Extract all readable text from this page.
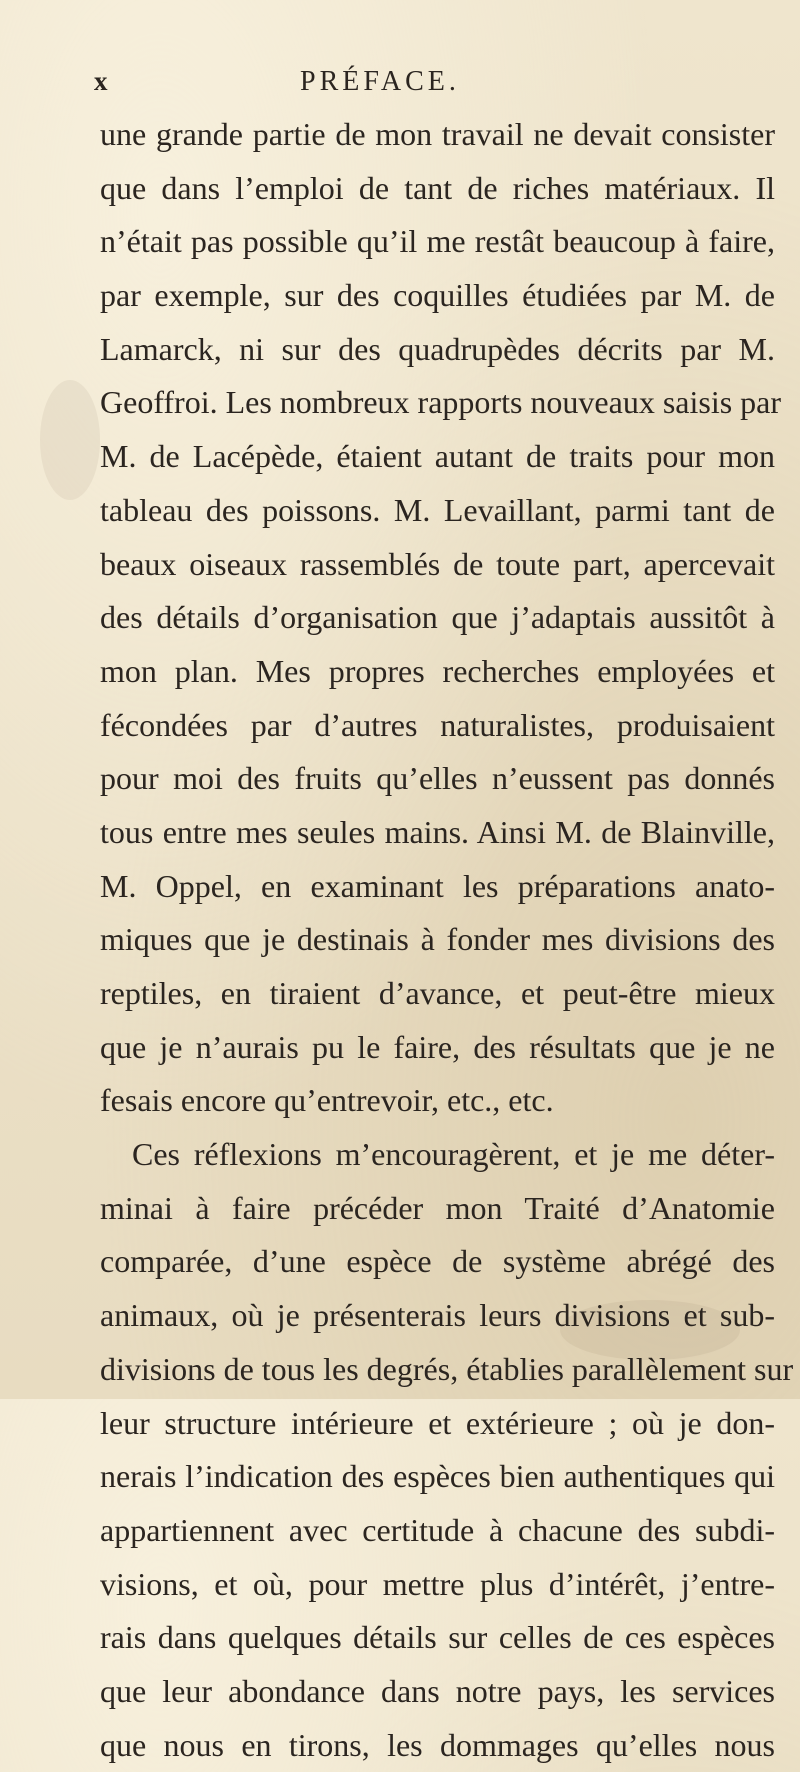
x	PRÉFACE.
une grande partie de mon travail ne devait consister
que dans l’emploi de tant de riches matériaux. Il
n’était pas possible qu’il me restât beaucoup à faire,
par exemple, sur des coquilles étudiées par M. de
Lamarck, ni sur des quadrupèdes décrits par M.
Geoffroi. Les nombreux rapports nouveaux saisis par
M. de Lacépède, étaient autant de traits pour mon
tableau des poissons. M. Levaillant, parmi tant de
beaux oiseaux rassemblés de toute part, apercevait
des détails d’organisation que j’adaptais aussitôt à
mon plan. Mes propres recherches employées et
fécondées par d’autres naturalistes, produisaient
pour moi des fruits qu’elles n’eussent pas donnés
tous entre mes seules mains. Ainsi M. de Blainville,
M. Oppel, en examinant les préparations anato-
miques que je destinais à fonder mes divisions des
reptiles, en tiraient d’avance, et peut-être mieux
que je n’aurais pu le faire, des résultats que je ne
fesais encore qu’entrevoir, etc., etc.
Ces réflexions m’encouragèrent, et je me déter-
minai à faire précéder mon Traité d’Anatomie
comparée, d’une espèce de système abrégé des
animaux, où je présenterais leurs divisions et sub-
divisions de tous les degrés, établies parallèlement sur
leur structure intérieure et extérieure ; où je don-
nerais l’indication des espèces bien authentiques qui
appartiennent avec certitude à chacune des subdi-
visions, et où, pour mettre plus d’intérêt, j’entre-
rais dans quelques détails sur celles de ces espèces
que leur abondance dans notre pays, les services
que nous en tirons, les dommages qu’elles nous
